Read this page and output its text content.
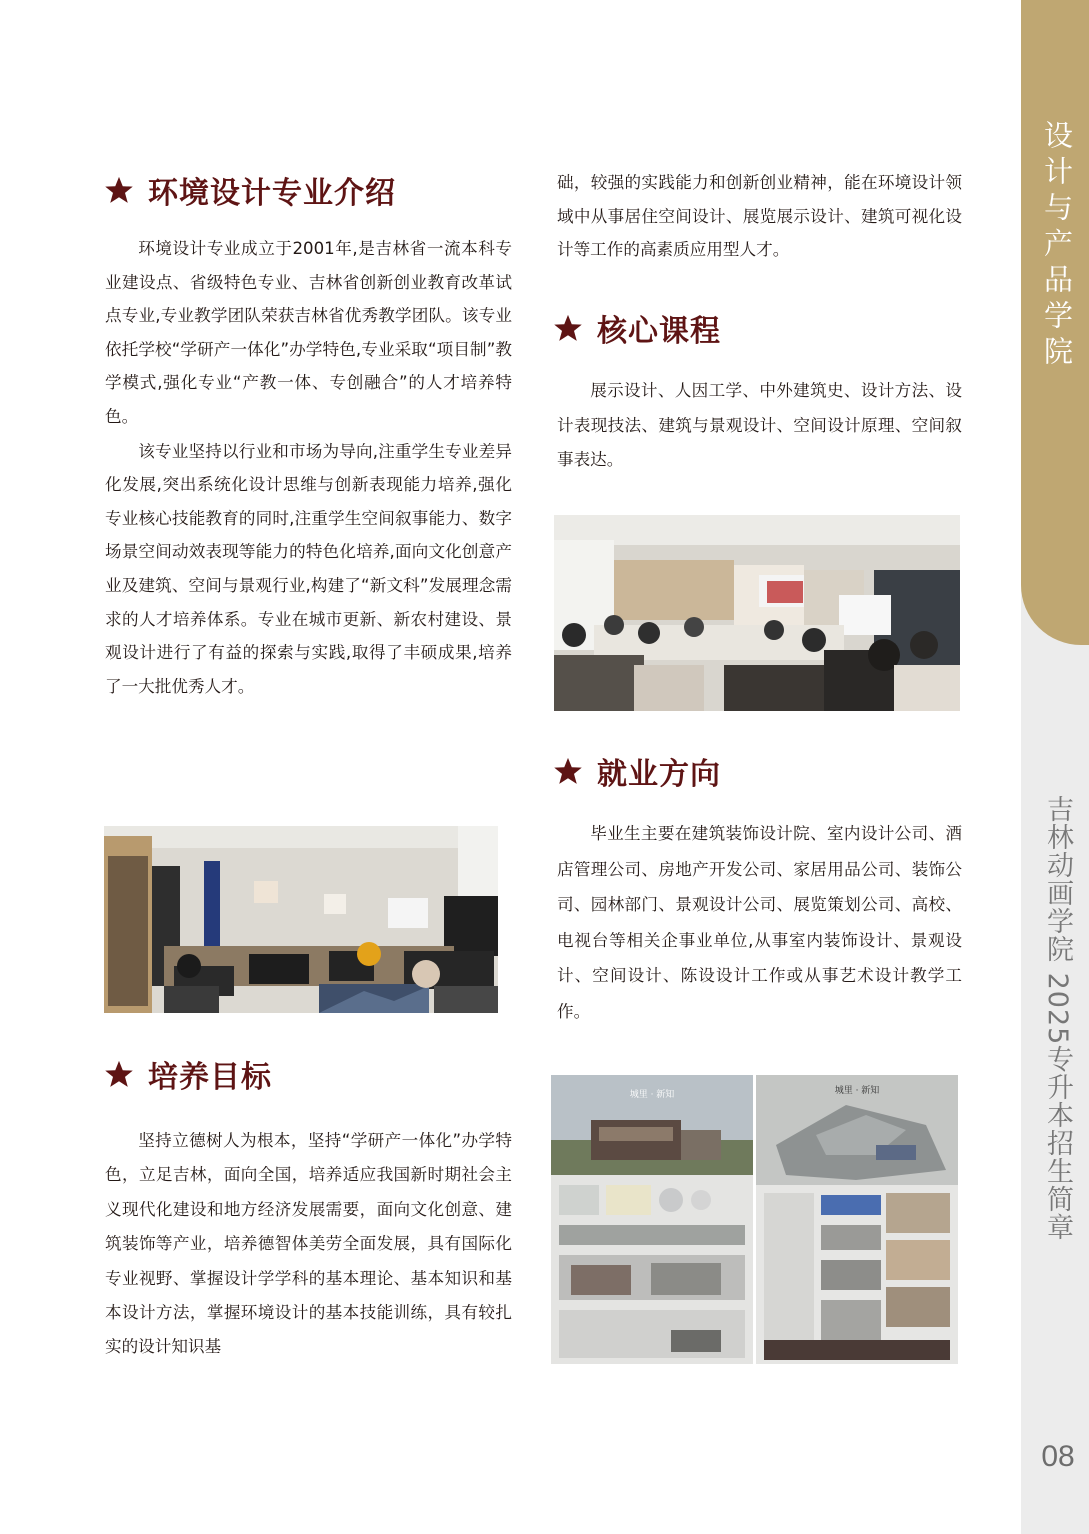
设计与产品学院
吉林动画学院 2025专升本招生简章
08
环境设计专业介绍

环境设计专业成立于2001年,是吉林省一流本科专业建设点、省级特色专业、吉林省创新创业教育改革试点专业,专业教学团队荣获吉林省优秀教学团队。该专业依托学校“学研产一体化”办学特色,专业采取“项目制”教学模式,强化专业“产教一体、专创融合”的人才培养特色。

该专业坚持以行业和市场为导向,注重学生专业差异化发展,突出系统化设计思维与创新表现能力培养,强化专业核心技能教育的同时,注重学生空间叙事能力、数字场景空间动效表现等能力的特色化培养,面向文化创意产业及建筑、空间与景观行业,构建了“新文科”发展理念需求的人才培养体系。专业在城市更新、新农村建设、景观设计进行了有益的探索与实践,取得了丰硕成果,培养了一大批优秀人才。

培养目标

坚持立德树人为根本，坚持“学研产一体化”办学特色，立足吉林，面向全国，培养适应我国新时期社会主义现代化建设和地方经济发展需要，面向文化创意、建筑装饰等产业，培养德智体美劳全面发展，具有国际化专业视野、掌握设计学学科的基本理论、基本知识和基本设计方法，掌握环境设计的基本技能训练，具有较扎实的设计知识基

础，较强的实践能力和创新创业精神，能在环境设计领域中从事居住空间设计、展览展示设计、建筑可视化设计等工作的高素质应用型人才。

核心课程

展示设计、人因工学、中外建筑史、设计方法、设计表现技法、建筑与景观设计、空间设计原理、空间叙事表达。

就业方向

毕业生主要在建筑装饰设计院、室内设计公司、酒店管理公司、房地产开发公司、家居用品公司、装饰公司、园林部门、景观设计公司、展览策划公司、高校、电视台等相关企事业单位,从事室内装饰设计、景观设计、空间设计、陈设设计工作或从事艺术设计教学工作。

城里 · 新知	城里 · 新知
